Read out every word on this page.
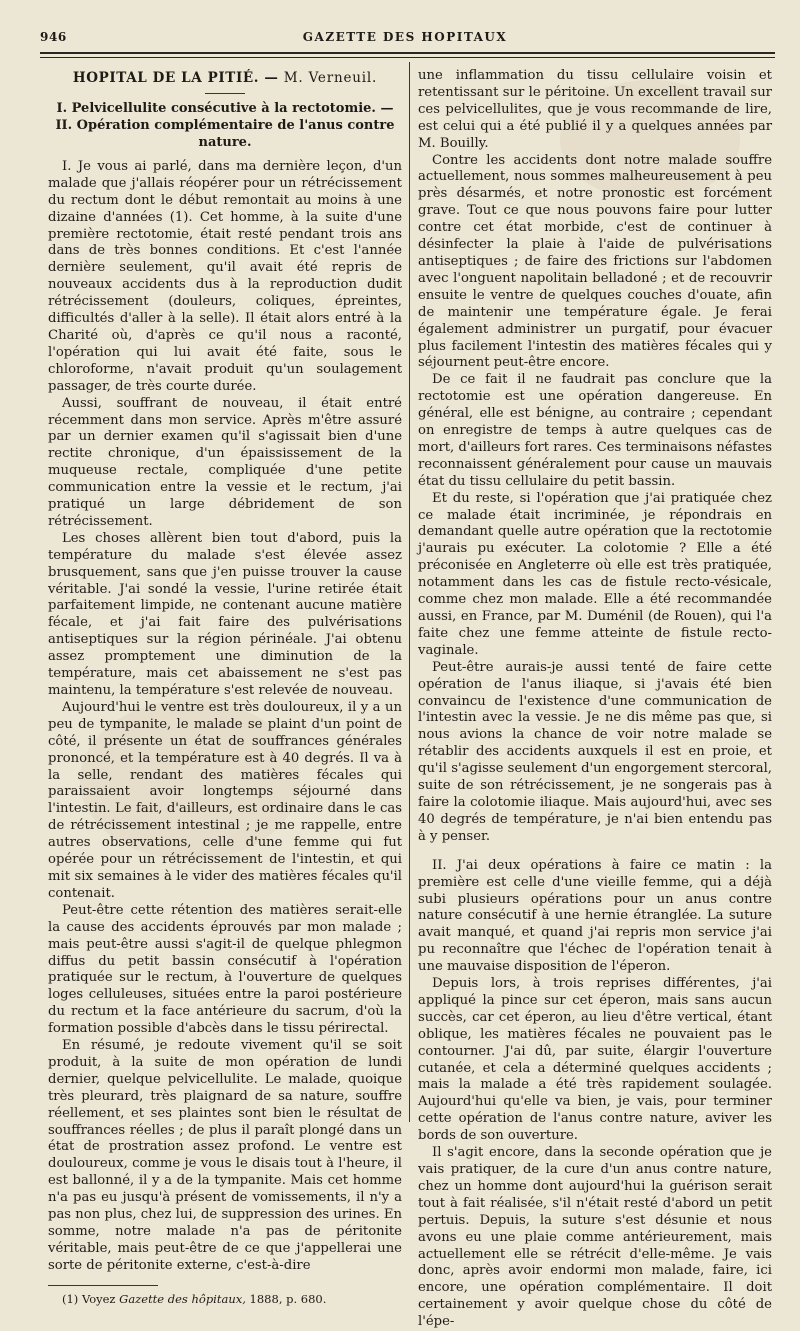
946	GAZETTE DES HOPITAUX
HOPITAL DE LA PITIÉ. — M. Verneuil.
I. Pelvicellulite consécutive à la rectotomie. — II. Opération complémentaire de l'anus contre nature.

I. Je vous ai parlé, dans ma dernière leçon, d'un malade que j'allais réopérer pour un rétrécissement du rectum dont le début remontait au moins à une dizaine d'années (1). Cet homme, à la suite d'une première rectotomie, était resté pendant trois ans dans de très bonnes conditions. Et c'est l'année dernière seulement, qu'il avait été repris de nouveaux accidents dus à la reproduction dudit rétrécissement (douleurs, coliques, épreintes, difficultés d'aller à la selle). Il était alors entré à la Charité où, d'après ce qu'il nous a raconté, l'opération qui lui avait été faite, sous le chloroforme, n'avait produit qu'un soulagement passager, de très courte durée.

Aussi, souffrant de nouveau, il était entré récemment dans mon service. Après m'être assuré par un dernier examen qu'il s'agissait bien d'une rectite chronique, d'un épaississement de la muqueuse rectale, compliquée d'une petite communication entre la vessie et le rectum, j'ai pratiqué un large débridement de son rétrécissement.

Les choses allèrent bien tout d'abord, puis la température du malade s'est élevée assez brusquement, sans que j'en puisse trouver la cause véritable. J'ai sondé la vessie, l'urine retirée était parfaitement limpide, ne contenant aucune matière fécale, et j'ai fait faire des pulvérisations antiseptiques sur la région périnéale. J'ai obtenu assez promptement une diminution de la température, mais cet abaissement ne s'est pas maintenu, la température s'est relevée de nouveau.

Aujourd'hui le ventre est très douloureux, il y a un peu de tympanite, le malade se plaint d'un point de côté, il présente un état de souffrances générales prononcé, et la température est à 40 degrés. Il va à la selle, rendant des matières fécales qui paraissaient avoir longtemps séjourné dans l'intestin. Le fait, d'ailleurs, est ordinaire dans le cas de rétrécissement intestinal ; je me rappelle, entre autres observations, celle d'une femme qui fut opérée pour un rétrécissement de l'intestin, et qui mit six semaines à le vider des matières fécales qu'il contenait.

Peut-être cette rétention des matières serait-elle la cause des accidents éprouvés par mon malade ; mais peut-être aussi s'agit-il de quelque phlegmon diffus du petit bassin consécutif à l'opération pratiquée sur le rectum, à l'ouverture de quelques loges celluleuses, situées entre la paroi postérieure du rectum et la face antérieure du sacrum, d'où la formation possible d'abcès dans le tissu périrectal.

En résumé, je redoute vivement qu'il se soit produit, à la suite de mon opération de lundi dernier, quelque pelvicellulite. Le malade, quoique très pleurard, très plaignard de sa nature, souffre réellement, et ses plaintes sont bien le résultat de souffrances réelles ; de plus il paraît plongé dans un état de prostration assez profond. Le ventre est douloureux, comme je vous le disais tout à l'heure, il est ballonné, il y a de la tympanite. Mais cet homme n'a pas eu jusqu'à présent de vomissements, il n'y a pas non plus, chez lui, de suppression des urines. En somme, notre malade n'a pas de péritonite véritable, mais peut-être de ce que j'appellerai une sorte de péritonite externe, c'est-à-dire

(1) Voyez Gazette des hôpitaux, 1888, p. 680.

une inflammation du tissu cellulaire voisin et retentissant sur le péritoine. Un excellent travail sur ces pelvicellulites, que je vous recommande de lire, est celui qui a été publié il y a quelques années par M. Bouilly.

Contre les accidents dont notre malade souffre actuellement, nous sommes malheureusement à peu près désarmés, et notre pronostic est forcément grave. Tout ce que nous pouvons faire pour lutter contre cet état morbide, c'est de continuer à désinfecter la plaie à l'aide de pulvérisations antiseptiques ; de faire des frictions sur l'abdomen avec l'onguent napolitain belladoné ; et de recouvrir ensuite le ventre de quelques couches d'ouate, afin de maintenir une température égale. Je ferai également administrer un purgatif, pour évacuer plus facilement l'intestin des matières fécales qui y séjournent peut-être encore.

De ce fait il ne faudrait pas conclure que la rectotomie est une opération dangereuse. En général, elle est bénigne, au contraire ; cependant on enregistre de temps à autre quelques cas de mort, d'ailleurs fort rares. Ces terminaisons néfastes reconnaissent généralement pour cause un mauvais état du tissu cellulaire du petit bassin.

Et du reste, si l'opération que j'ai pratiquée chez ce malade était incriminée, je répondrais en demandant quelle autre opération que la rectotomie j'aurais pu exécuter. La colotomie ? Elle a été préconisée en Angleterre où elle est très pratiquée, notamment dans les cas de fistule recto-vésicale, comme chez mon malade. Elle a été recommandée aussi, en France, par M. Duménil (de Rouen), qui l'a faite chez une femme atteinte de fistule recto-vaginale.

Peut-être aurais-je aussi tenté de faire cette opération de l'anus iliaque, si j'avais été bien convaincu de l'existence d'une communication de l'intestin avec la vessie. Je ne dis même pas que, si nous avions la chance de voir notre malade se rétablir des accidents auxquels il est en proie, et qu'il s'agisse seulement d'un engorgement stercoral, suite de son rétrécissement, je ne songerais pas à faire la colotomie iliaque. Mais aujourd'hui, avec ses 40 degrés de température, je n'ai bien entendu pas à y penser.

II. J'ai deux opérations à faire ce matin : la première est celle d'une vieille femme, qui a déjà subi plusieurs opérations pour un anus contre nature consécutif à une hernie étranglée. La suture avait manqué, et quand j'ai repris mon service j'ai pu reconnaître que l'échec de l'opération tenait à une mauvaise disposition de l'éperon.

Depuis lors, à trois reprises différentes, j'ai appliqué la pince sur cet éperon, mais sans aucun succès, car cet éperon, au lieu d'être vertical, étant oblique, les matières fécales ne pouvaient pas le contourner. J'ai dû, par suite, élargir l'ouverture cutanée, et cela a déterminé quelques accidents ; mais la malade a été très rapidement soulagée. Aujourd'hui qu'elle va bien, je vais, pour terminer cette opération de l'anus contre nature, aviver les bords de son ouverture.

Il s'agit encore, dans la seconde opération que je vais pratiquer, de la cure d'un anus contre nature, chez un homme dont aujourd'hui la guérison serait tout à fait réalisée, s'il n'était resté d'abord un petit pertuis. Depuis, la suture s'est désunie et nous avons eu une plaie comme antérieurement, mais actuellement elle se rétrécit d'elle-même. Je vais donc, après avoir endormi mon malade, faire, ici encore, une opération complémentaire. Il doit certainement y avoir quelque chose du côté de l'épe-
